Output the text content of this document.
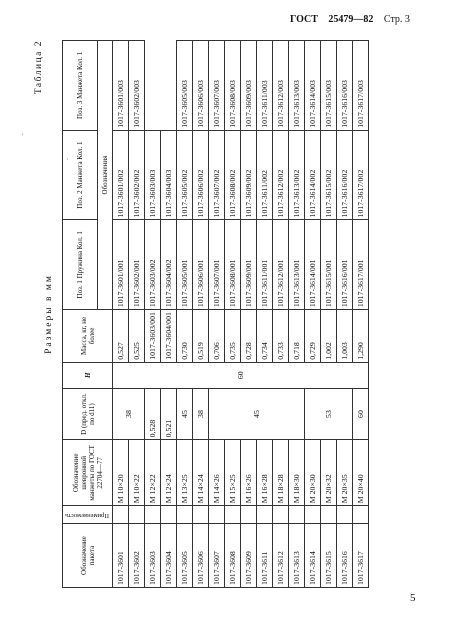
ГОСТ 25479—82 Стр. 3
Таблица 2
Размеры в мм
Обозначение пакета	Применяемость	Обозначение шевронной манжеты по ГОСТ 22704—77	D (пред. откл. по d11)	H	Масса, кг, не более	Поз. 1 Пружина Кол. 1	Поз. 2 Манжета Кол. 1	Поз. 3 Манжета Кол. 1
						Обозначения		
1017-3601		М 10×20	38	60	0,527	1017-3601/001	1017-3601/002	1017-3601/003
1017-3602		М 10×22			0,525	1017-3602/001	1017-3602/002	1017-3602/003
1017-3603		М 12×22	0,528		1017-3603/001	1017-3603/002	1017-3603/003	
1017-3604		М 12×24	0,521		1017-3604/001	1017-3604/002	1017-3604/003	
1017-3605		М 13×25	45		0,730	1017-3605/001	1017-3605/002	1017-3605/003
1017-3606		М 14×24	38		0,519	1017-3606/001	1017-3606/002	1017-3606/003
1017-3607		М 14×26	45		0,706	1017-3607/001	1017-3607/002	1017-3607/003
1017-3608		М 15×25			0,735	1017-3608/001	1017-3608/002	1017-3608/003
1017-3609		М 16×26			0,728	1017-3609/001	1017-3609/002	1017-3609/003
1017-3611		М 16×28			0,734	1017-3611/001	1017-3611/002	1017-3611/003
1017-3612		М 18×28			0,733	1017-3612/001	1017-3612/002	1017-3612/003
1017-3613		М 18×30			0,718	1017-3613/001	1017-3613/002	1017-3613/003
1017-3614		М 20×30	53		0,729	1017-3614/001	1017-3614/002	1017-3614/003
1017-3615		М 20×32			1,002	1017-3615/001	1017-3615/002	1017-3615/003
1017-3616		М 20×35			1,003	1017-3616/001	1017-3616/002	1017-3616/003
1017-3617		М 20×40	60		1,290	1017-3617/001	1017-3617/002	1017-3617/003
5
·
'
